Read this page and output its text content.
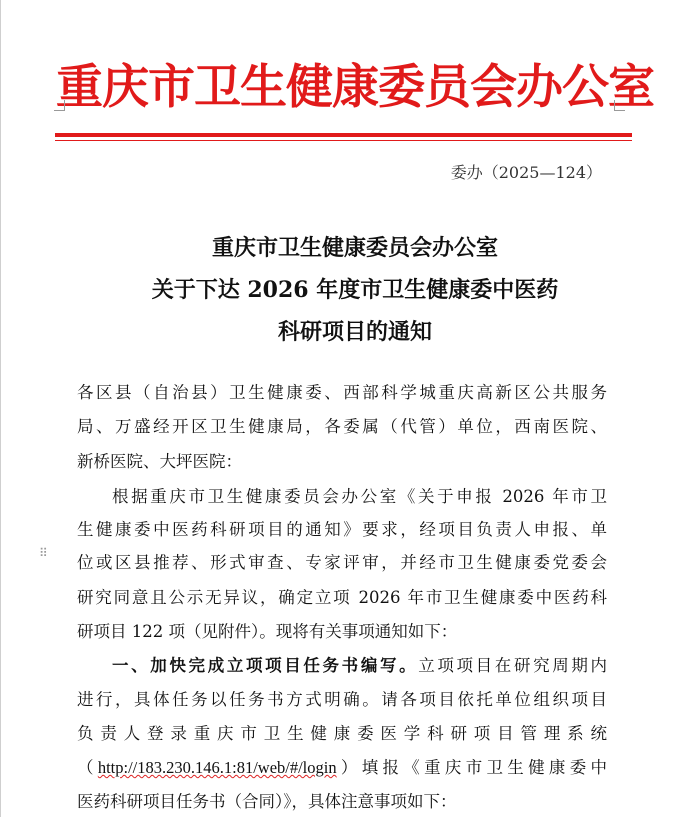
重庆市卫生健康委员会办公室
委办（2025—124）
重庆市卫生健康委员会办公室
关于下达 2026 年度市卫生健康委中医药
科研项目的通知
各区县（自治县）卫生健康委、西部科学城重庆高新区公共服务
局、万盛经开区卫生健康局，各委属（代管）单位，西南医院、
新桥医院、大坪医院：
根据重庆市卫生健康委员会办公室《关于申报 2026 年市卫
生健康委中医药科研项目的通知》要求，经项目负责人申报、单
位或区县推荐、形式审查、专家评审，并经市卫生健康委党委会
研究同意且公示无异议，确定立项 2026 年市卫生健康委中医药科
研项目 122 项（见附件）。现将有关事项通知如下：
⠿
一、加快完成立项项目任务书编写。立项项目在研究周期内
进行，具体任务以任务书方式明确。请各项目依托单位组织项目
负责人登录重庆市卫生健康委医学科研项目管理系统
（http://183.230.146.1:81/web/#/login）填报《重庆市卫生健康委中
医药科研项目任务书（合同）》，具体注意事项如下：
